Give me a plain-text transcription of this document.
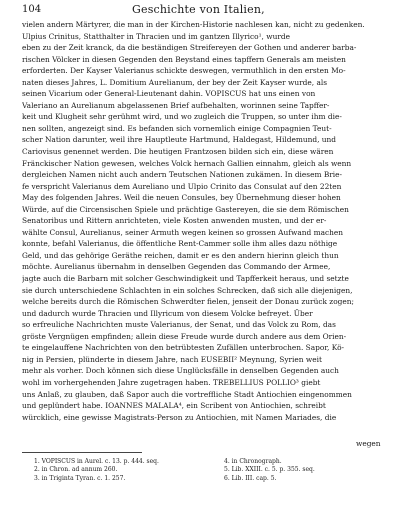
104	Geschichte von Italien,
vielen andern Märtyrer, die man in der Kirchen-Historie nachlesen kan, nicht zu gedenken.
Ulpius Crinitus, Statthalter in Thracien und im gantzen Illyrico¹, wurde
eben zu der Zeit kranck, da die beständigen Streifereyen der Gothen und anderer barba-
rischen Völcker in diesen Gegenden den Beystand eines tapffern Generals am meisten
erforderten. Der Kayser Valerianus schickte deswegen, vermuthlich in den ersten Mo-
naten dieses Jahres, L. Domitium Aurelianum, der bey der Zeit Kayser wurde, als
seinen Vicarium oder General-Lieutenant dahin. VOPISCUS hat uns einen von
Valeriano an Aurelianum abgelassenen Brief aufbehalten, worinnen seine Tapffer-
keit und Klugheit sehr gerühmt wird, und wo zugleich die Truppen, so unter ihm die-
nen sollten, angezeigt sind. Es befanden sich vornemlich einige Compagnien Teut-
scher Nation darunter, weil ihre Hauptleute Hartmund, Haldegast, Hildemund, und
Cariovisus genennet werden. Die heutigen Frantzosen bilden sich ein, diese wären
Fränckischer Nation gewesen, welches Volck hernach Gallien einnahm, gleich als wenn
dergleichen Namen nicht auch andern Teutschen Nationen zukämen. In diesem Brie-
fe verspricht Valerianus dem Aureliano und Ulpio Crinito das Consulat auf den 22ten
May des folgenden Jahres. Weil die neuen Consules, bey Übernehmung dieser hohen
Würde, auf die Circensischen Spiele und prächtige Gastereyen, die sie dem Römischen
Senatoribus und Rittern anrichteten, viele Kosten anwenden musten, und der er-
wählte Consul, Aurelianus, seiner Armuth wegen keinen so grossen Aufwand machen
konnte, befahl Valerianus, die öffentliche Rent-Cammer solle ihm alles dazu nöthige
Geld, und das gehörige Geräthe reichen, damit er es den andern hierinn gleich thun
möchte. Aurelianus übernahm in denselben Gegenden das Commando der Armee,
jagte auch die Barbarn mit solcher Geschwindigkeit und Tapfferkeit heraus, und setzte
sie durch unterschiedene Schlachten in ein solches Schrecken, daß sich alle diejenigen,
welche bereits durch die Römischen Schwerdter fielen, jenseit der Donau zurück zogen;
und dadurch wurde Thracien und Illyricum von diesem Volcke befreyet. Über
so erfreuliche Nachrichten muste Valerianus, der Senat, und das Volck zu Rom, das
gröste Vergnügen empfinden; allein diese Freude wurde durch andere aus dem Orien-
te eingelauffene Nachrichten von den betrübtesten Zufällen unterbrochen. Sapor, Kö-
nig in Persien, plünderte in diesem Jahre, nach EUSEBII² Meynung, Syrien weit
mehr als vorher. Doch können sich diese Unglücksfälle in denselben Gegenden auch
wohl im vorhergehenden Jahre zugetragen haben. TREBELLIUS POLLIO³ giebt
uns Anlaß, zu glauben, daß Sapor auch die vortreffliche Stadt Antiochien eingenommen
und geplündert habe. IOANNES MALALA⁴, ein Scribent von Antiochien, schreibt
würcklich, eine gewisse Magistrats-Person zu Antiochien, mit Namen Mariades, die
wegen
1. VOPISCUS in Aurel. c. 13. p. 444. seq.
2. in Chron. ad annum 260.
3. in Triginta Tyran. c. 1. 257.
4. in Chronograph.
5. Lib. XXIII. c. 5. p. 355. seq.
6. Lib. III. cap. 5.
